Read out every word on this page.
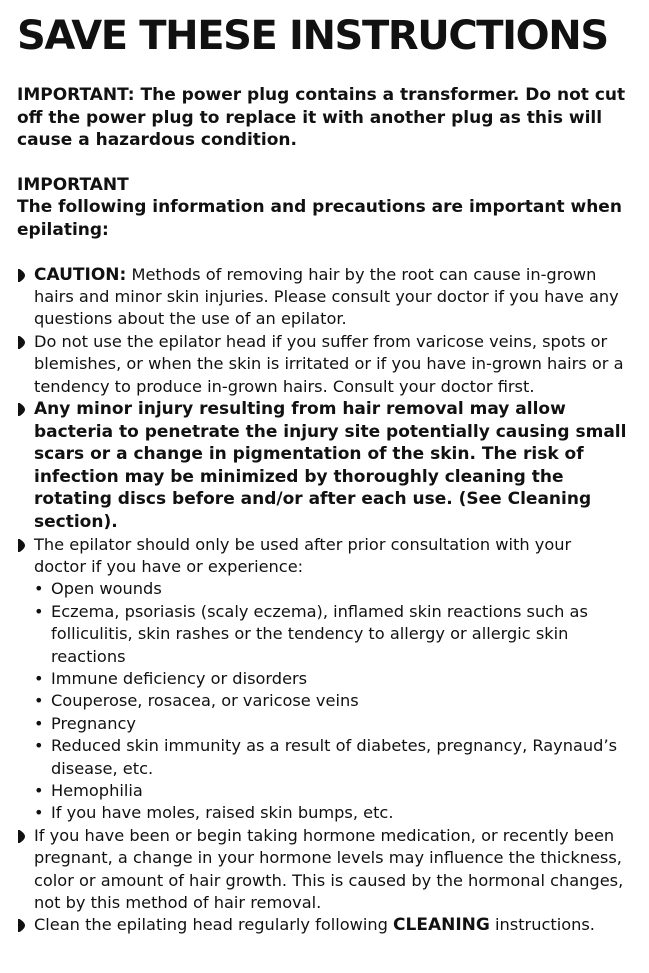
SAVE THESE INSTRUCTIONS

IMPORTANT: The power plug contains a transformer. Do not cut off the power plug to replace it with another plug as this will cause a hazardous condition.

IMPORTANT

The following information and precautions are important when epilating:

CAUTION: Methods of removing hair by the root can cause in-grown hairs and minor skin injuries. Please consult your doctor if you have any questions about the use of an epilator.
Do not use the epilator head if you suffer from varicose veins, spots or blemishes, or when the skin is irritated or if you have in-grown hairs or a tendency to produce in-grown hairs. Consult your doctor first.
Any minor injury resulting from hair removal may allow bacteria to penetrate the injury site potentially causing small scars or a change in pigmentation of the skin. The risk of infection may be minimized by thoroughly cleaning the rotating discs before and/or after each use. (See Cleaning section).
The epilator should only be used after prior consultation with your doctor if you have or experience:
• Open wounds
• Eczema, psoriasis (scaly eczema), inflamed skin reactions such as folliculitis, skin rashes or the tendency to allergy or allergic skin reactions
• Immune deficiency or disorders
• Couperose, rosacea, or varicose veins
• Pregnancy
• Reduced skin immunity as a result of diabetes, pregnancy, Raynaud’s disease, etc.
• Hemophilia
• If you have moles, raised skin bumps, etc.
If you have been or begin taking hormone medication, or recently been pregnant, a change in your hormone levels may influence the thickness, color or amount of hair growth. This is caused by the hormonal changes, not by this method of hair removal.
Clean the epilating head regularly following CLEANING instructions.
